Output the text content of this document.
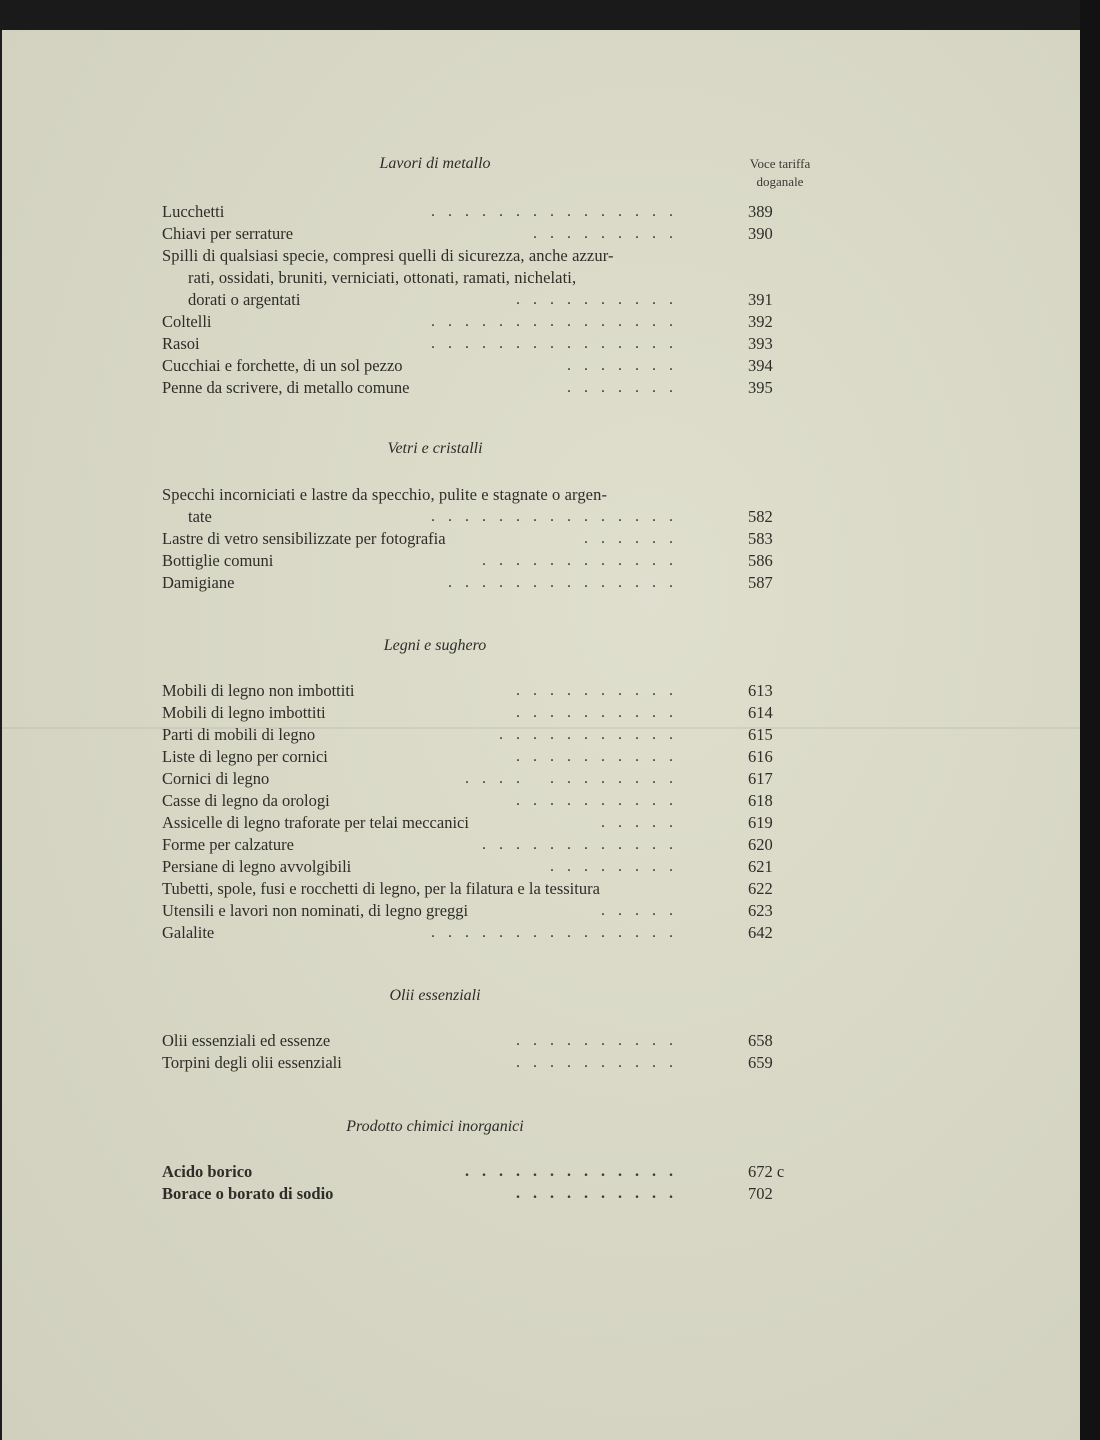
Voce tariffa
doganale
Lavori di metallo
Lucchetti	...............	389
Chiavi per serrature	.........	390
Spilli di qualsiasi specie, compresi quelli di sicurezza, anche azzur-
rati, ossidati, bruniti, verniciati, ottonati, ramati, nichelati,
dorati o argentati	..........	391
Coltelli	...............	392
Rasoi	...............	393
Cucchiai e forchette, di un sol pezzo	.......	394
Penne da scrivere, di metallo comune	.......	395
Vetri e cristalli
Specchi incorniciati e lastre da specchio, pulite e stagnate o argen-
tate	...............	582
Lastre di vetro sensibilizzate per fotografia	......	583
Bottiglie comuni	............	586
Damigiane	..............	587
Legni e sughero
Mobili di legno non imbottiti	..........	613
Mobili di legno imbottiti	..........	614
Parti di mobili di legno	...........	615
Liste di legno per cornici	..........	616
Cornici di legno	.... ........	617
Casse di legno da orologi	..........	618
Assicelle di legno traforate per telai meccanici	.....	619
Forme per calzature	............	620
Persiane di legno avvolgibili	........	621
Tubetti, spole, fusi e rocchetti di legno, per la filatura e la tessitura	622
Utensili e lavori non nominati, di legno greggi	.....	623
Galalite	...............	642
Olii essenziali
Olii essenziali ed essenze	..........	658
Torpini degli olii essenziali	..........	659
Prodotto chimici inorganici
Acido borico	.............	672 c
Borace o borato di sodio	..........	702
